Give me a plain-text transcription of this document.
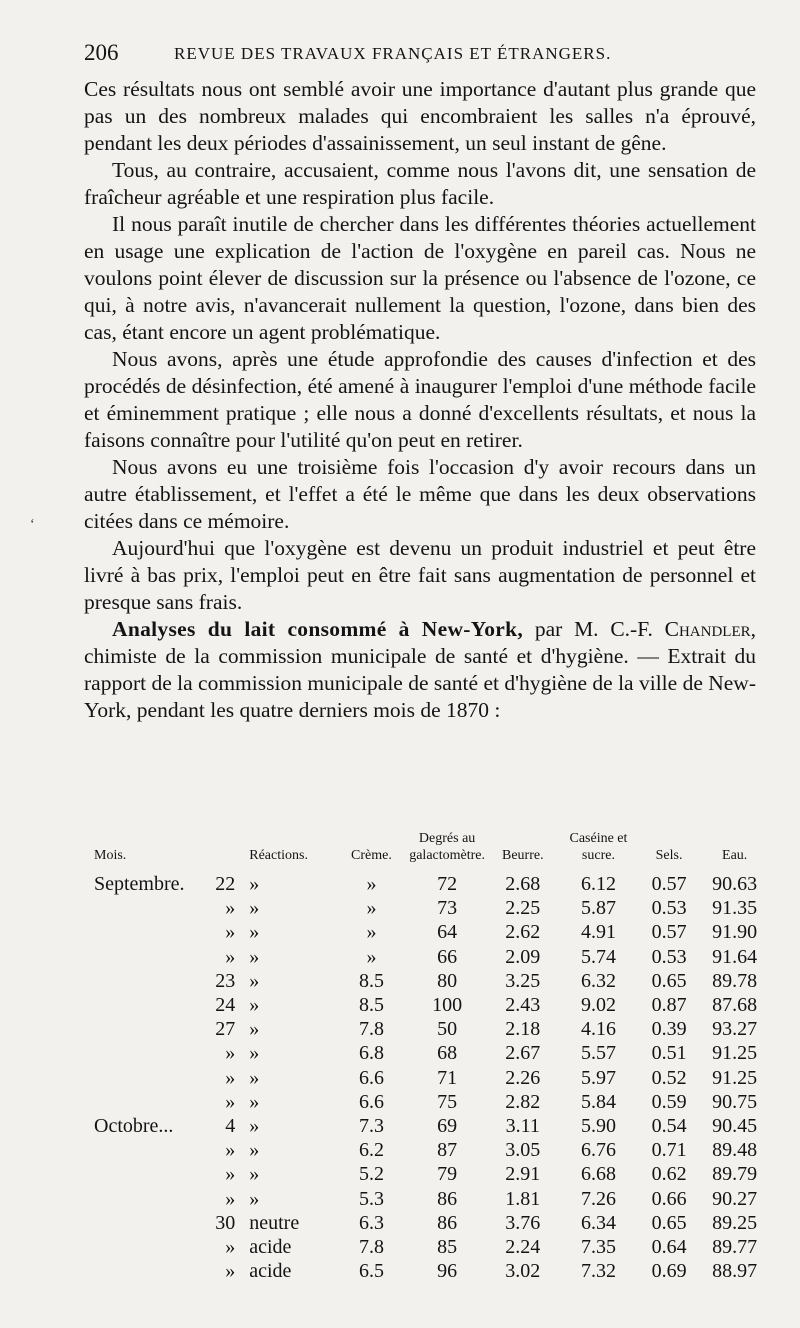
206	REVUE DES TRAVAUX FRANÇAIS ET ÉTRANGERS.
‘

Ces résultats nous ont semblé avoir une importance d'autant plus grande que pas un des nombreux malades qui encombraient les salles n'a éprouvé, pendant les deux périodes d'assainissement, un seul instant de gêne.

Tous, au contraire, accusaient, comme nous l'avons dit, une sensation de fraîcheur agréable et une respiration plus facile.

Il nous paraît inutile de chercher dans les différentes théories actuellement en usage une explication de l'action de l'oxygène en pareil cas. Nous ne voulons point élever de discussion sur la présence ou l'absence de l'ozone, ce qui, à notre avis, n'avancerait nullement la question, l'ozone, dans bien des cas, étant encore un agent problématique.

Nous avons, après une étude approfondie des causes d'infection et des procédés de désinfection, été amené à inaugurer l'emploi d'une méthode facile et éminemment pratique ; elle nous a donné d'excellents résultats, et nous la faisons connaître pour l'utilité qu'on peut en retirer.

Nous avons eu une troisième fois l'occasion d'y avoir recours dans un autre établissement, et l'effet a été le même que dans les deux observations citées dans ce mémoire.

Aujourd'hui que l'oxygène est devenu un produit industriel et peut être livré à bas prix, l'emploi peut en être fait sans augmentation de personnel et presque sans frais.

Analyses du lait consommé à New-York, par M. C.-F. Chandler, chimiste de la commission municipale de santé et d'hygiène. — Extrait du rapport de la commission municipale de santé et d'hygiène de la ville de New-York, pendant les quatre derniers mois de 1870 :

Mois.		Réactions.	Crème.	Degrés au galactomètre.	Beurre.	Caséine et sucre.	Sels.	Eau.
Septembre.	22	»	»	72	2.68	6.12	0.57	90.63
	»	»	»	73	2.25	5.87	0.53	91.35
	»	»	»	64	2.62	4.91	0.57	91.90
	»	»	»	66	2.09	5.74	0.53	91.64
	23	»	8.5	80	3.25	6.32	0.65	89.78
	24	»	8.5	100	2.43	9.02	0.87	87.68
	27	»	7.8	50	2.18	4.16	0.39	93.27
	»	»	6.8	68	2.67	5.57	0.51	91.25
	»	»	6.6	71	2.26	5.97	0.52	91.25
	»	»	6.6	75	2.82	5.84	0.59	90.75
Octobre...	4	»	7.3	69	3.11	5.90	0.54	90.45
	»	»	6.2	87	3.05	6.76	0.71	89.48
	»	»	5.2	79	2.91	6.68	0.62	89.79
	»	»	5.3	86	1.81	7.26	0.66	90.27
	30	neutre	6.3	86	3.76	6.34	0.65	89.25
	»	acide	7.8	85	2.24	7.35	0.64	89.77
	»	acide	6.5	96	3.02	7.32	0.69	88.97
